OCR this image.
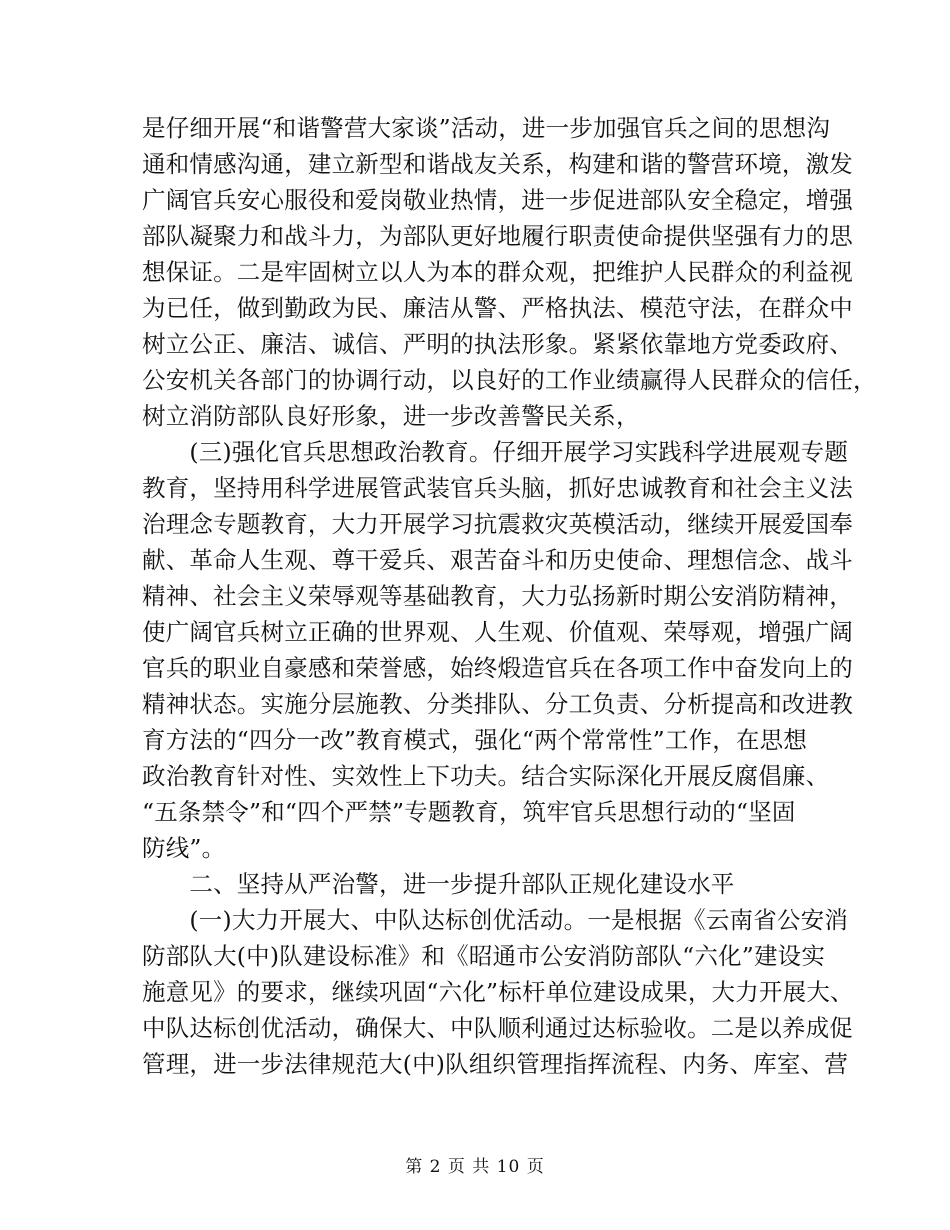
是仔细开展“和谐警营大家谈”活动，进一步加强官兵之间的思想沟
通和情感沟通，建立新型和谐战友关系，构建和谐的警营环境，激发
广阔官兵安心服役和爱岗敬业热情，进一步促进部队安全稳定，增强
部队凝聚力和战斗力，为部队更好地履行职责使命提供坚强有力的思
想保证。二是牢固树立以人为本的群众观，把维护人民群众的利益视
为已任，做到勤政为民、廉洁从警、严格执法、模范守法，在群众中
树立公正、廉洁、诚信、严明的执法形象。紧紧依靠地方党委政府、
公安机关各部门的协调行动，以良好的工作业绩赢得人民群众的信任，
树立消防部队良好形象，进一步改善警民关系，
　　(三)强化官兵思想政治教育。仔细开展学习实践科学进展观专题
教育，坚持用科学进展管武装官兵头脑，抓好忠诚教育和社会主义法
治理念专题教育，大力开展学习抗震救灾英模活动，继续开展爱国奉
献、革命人生观、尊干爱兵、艰苦奋斗和历史使命、理想信念、战斗
精神、社会主义荣辱观等基础教育，大力弘扬新时期公安消防精神，
使广阔官兵树立正确的世界观、人生观、价值观、荣辱观，增强广阔
官兵的职业自豪感和荣誉感，始终煅造官兵在各项工作中奋发向上的
精神状态。实施分层施教、分类排队、分工负责、分析提高和改进教
育方法的“四分一改”教育模式，强化“两个常常性”工作，在思想
政治教育针对性、实效性上下功夫。结合实际深化开展反腐倡廉、
“五条禁令”和“四个严禁”专题教育，筑牢官兵思想行动的“坚固
防线”。
　　二、坚持从严治警，进一步提升部队正规化建设水平
　　(一)大力开展大、中队达标创优活动。一是根据《云南省公安消
防部队大(中)队建设标准》和《昭通市公安消防部队“六化”建设实
施意见》的要求，继续巩固“六化”标杆单位建设成果，大力开展大、
中队达标创优活动，确保大、中队顺利通过达标验收。二是以养成促
管理，进一步法律规范大(中)队组织管理指挥流程、内务、库室、营
第 2 页 共 10 页
